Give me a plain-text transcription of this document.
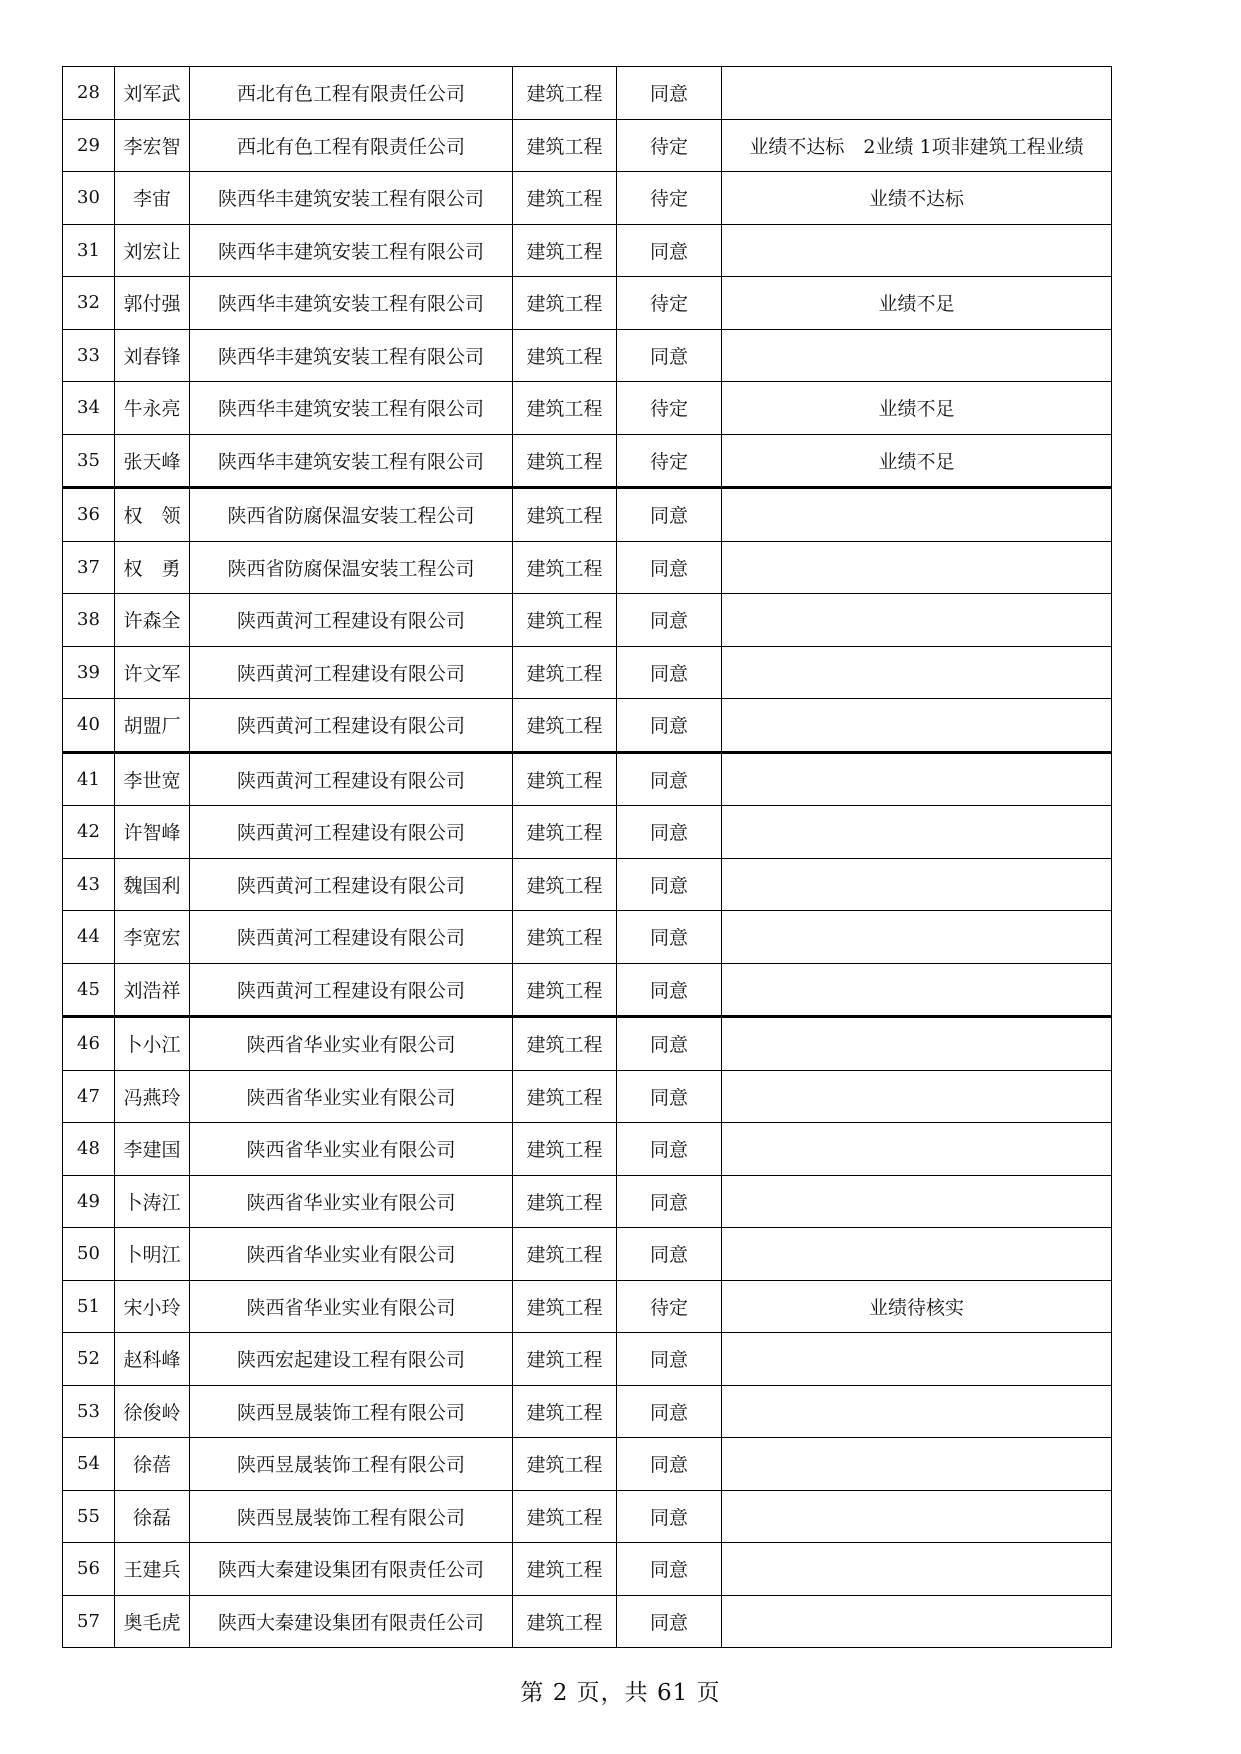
28	刘军武	西北有色工程有限责任公司	建筑工程	同意	
29	李宏智	西北有色工程有限责任公司	建筑工程	待定	业绩不达标　2业绩 1项非建筑工程业绩
30	李宙	陕西华丰建筑安装工程有限公司	建筑工程	待定	业绩不达标
31	刘宏让	陕西华丰建筑安装工程有限公司	建筑工程	同意	
32	郭付强	陕西华丰建筑安装工程有限公司	建筑工程	待定	业绩不足
33	刘春锋	陕西华丰建筑安装工程有限公司	建筑工程	同意	
34	牛永亮	陕西华丰建筑安装工程有限公司	建筑工程	待定	业绩不足
35	张天峰	陕西华丰建筑安装工程有限公司	建筑工程	待定	业绩不足
36	权　领	陕西省防腐保温安装工程公司	建筑工程	同意	
37	权　勇	陕西省防腐保温安装工程公司	建筑工程	同意	
38	许森全	陕西黄河工程建设有限公司	建筑工程	同意	
39	许文军	陕西黄河工程建设有限公司	建筑工程	同意	
40	胡盟厂	陕西黄河工程建设有限公司	建筑工程	同意	
41	李世宽	陕西黄河工程建设有限公司	建筑工程	同意	
42	许智峰	陕西黄河工程建设有限公司	建筑工程	同意	
43	魏国利	陕西黄河工程建设有限公司	建筑工程	同意	
44	李宽宏	陕西黄河工程建设有限公司	建筑工程	同意	
45	刘浩祥	陕西黄河工程建设有限公司	建筑工程	同意	
46	卜小江	陕西省华业实业有限公司	建筑工程	同意	
47	冯燕玲	陕西省华业实业有限公司	建筑工程	同意	
48	李建国	陕西省华业实业有限公司	建筑工程	同意	
49	卜涛江	陕西省华业实业有限公司	建筑工程	同意	
50	卜明江	陕西省华业实业有限公司	建筑工程	同意	
51	宋小玲	陕西省华业实业有限公司	建筑工程	待定	业绩待核实
52	赵科峰	陕西宏起建设工程有限公司	建筑工程	同意	
53	徐俊岭	陕西昱晟装饰工程有限公司	建筑工程	同意	
54	徐蓓	陕西昱晟装饰工程有限公司	建筑工程	同意	
55	徐磊	陕西昱晟装饰工程有限公司	建筑工程	同意	
56	王建兵	陕西大秦建设集团有限责任公司	建筑工程	同意	
57	奥毛虎	陕西大秦建设集团有限责任公司	建筑工程	同意	
第 2 页，共 61 页
